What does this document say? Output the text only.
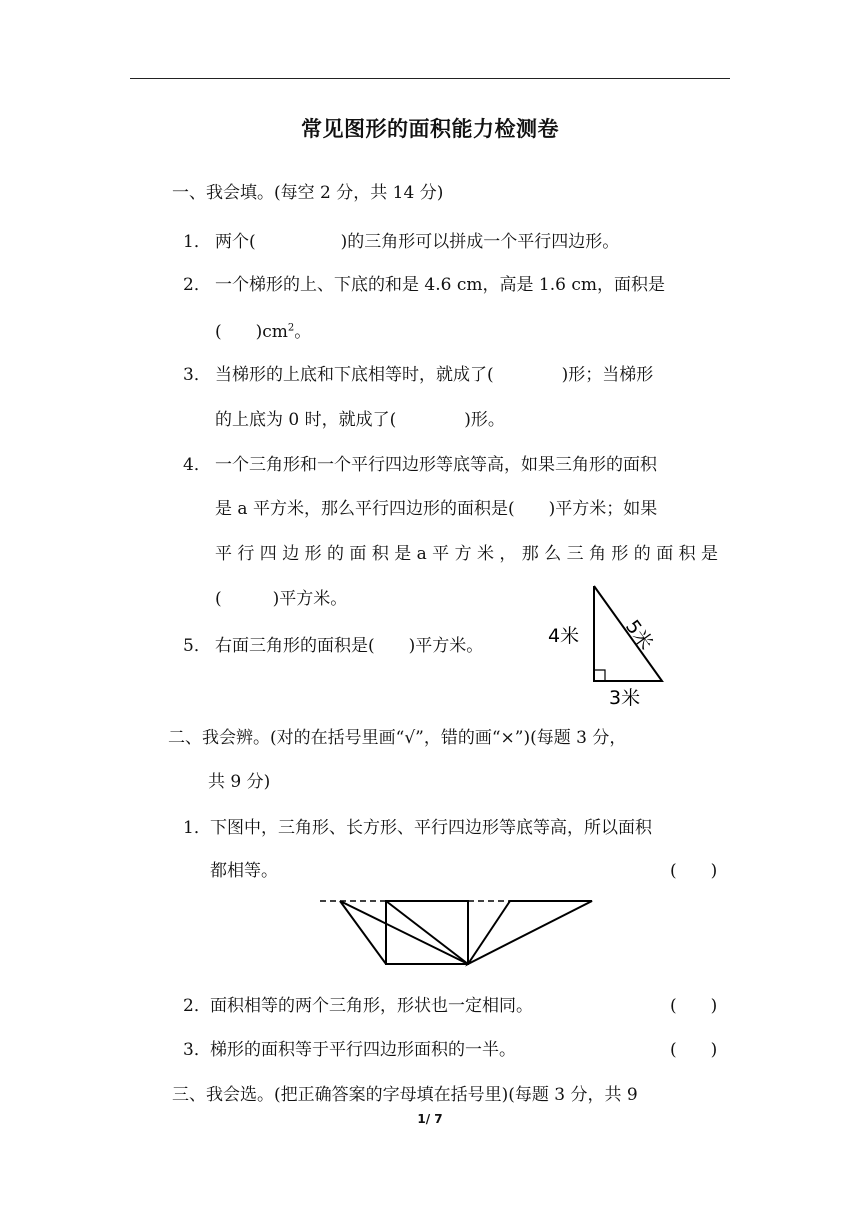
常见图形的面积能力检测卷
一、我会填。(每空 2 分，共 14 分)
1． 两个(　　　　　)的三角形可以拼成一个平行四边形。
2． 一个梯形的上、下底的和是 4.6 cm，高是 1.6 cm，面积是
(　　)$cm^2$。
3． 当梯形的上底和下底相等时，就成了(　　　　)形；当梯形
的上底为 0 时，就成了(　　　　)形。
4． 一个三角形和一个平行四边形等底等高，如果三角形的面积
是 a 平方米，那么平行四边形的面积是(　　)平方米；如果
平 行 四 边 形 的 面 积 是 a 平 方 米 ， 那 么 三 角 形 的 面 积 是
(　　　)平方米。
5． 右面三角形的面积是(　　)平方米。	4米 5米
3米
二、我会辨。(对的在括号里画“√”，错的画“×”)(每题 3 分，
共 9 分)
1． 下图中，三角形、长方形、平行四边形等底等高，所以面积
都相等。	(　　)
2． 面积相等的两个三角形，形状也一定相同。	(　　)
3． 梯形的面积等于平行四边形面积的一半。	(　　)
三、我会选。(把正确答案的字母填在括号里)(每题 3 分，共 9
1/ 7
